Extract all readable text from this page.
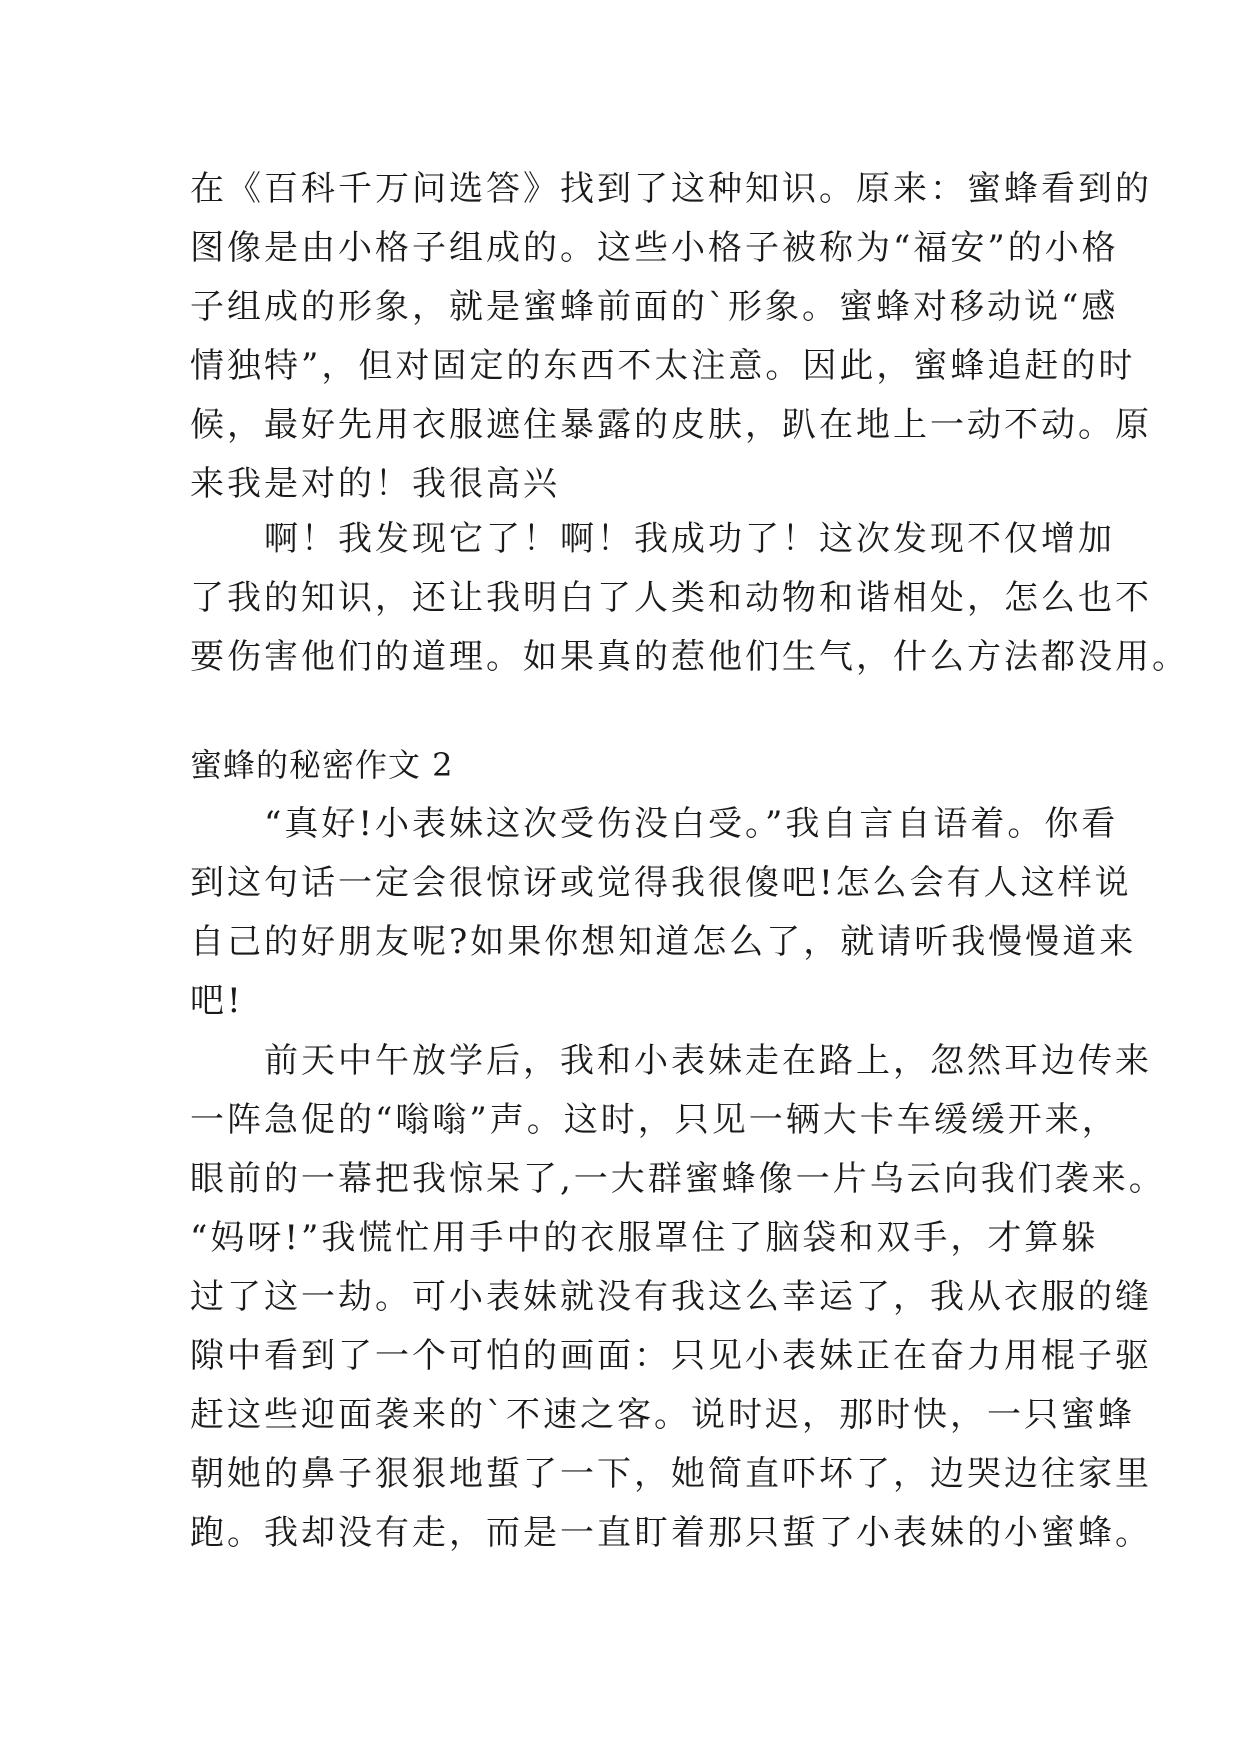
在《百科千万问选答》找到了这种知识。原来：蜜蜂看到的
图像是由小格子组成的。这些小格子被称为“福安”的小格
子组成的形象，就是蜜蜂前面的`形象。蜜蜂对移动说“感
情独特”，但对固定的东西不太注意。因此，蜜蜂追赶的时
候，最好先用衣服遮住暴露的皮肤，趴在地上一动不动。原
来我是对的！我很高兴
　　啊！我发现它了！啊！我成功了！这次发现不仅增加
了我的知识，还让我明白了人类和动物和谐相处，怎么也不
要伤害他们的道理。如果真的惹他们生气，什么方法都没用。
蜜蜂的秘密作文 2
　　“真好!小表妹这次受伤没白受。”我自言自语着。你看
到这句话一定会很惊讶或觉得我很傻吧!怎么会有人这样说
自己的好朋友呢?如果你想知道怎么了，就请听我慢慢道来
吧!
　　前天中午放学后，我和小表妹走在路上，忽然耳边传来
一阵急促的“嗡嗡”声。这时，只见一辆大卡车缓缓开来，
眼前的一幕把我惊呆了,一大群蜜蜂像一片乌云向我们袭来。
“妈呀!”我慌忙用手中的衣服罩住了脑袋和双手，才算躲
过了这一劫。可小表妹就没有我这么幸运了，我从衣服的缝
隙中看到了一个可怕的画面：只见小表妹正在奋力用棍子驱
赶这些迎面袭来的`不速之客。说时迟，那时快，一只蜜蜂
朝她的鼻子狠狠地蜇了一下，她简直吓坏了，边哭边往家里
跑。我却没有走，而是一直盯着那只蜇了小表妹的小蜜蜂。
